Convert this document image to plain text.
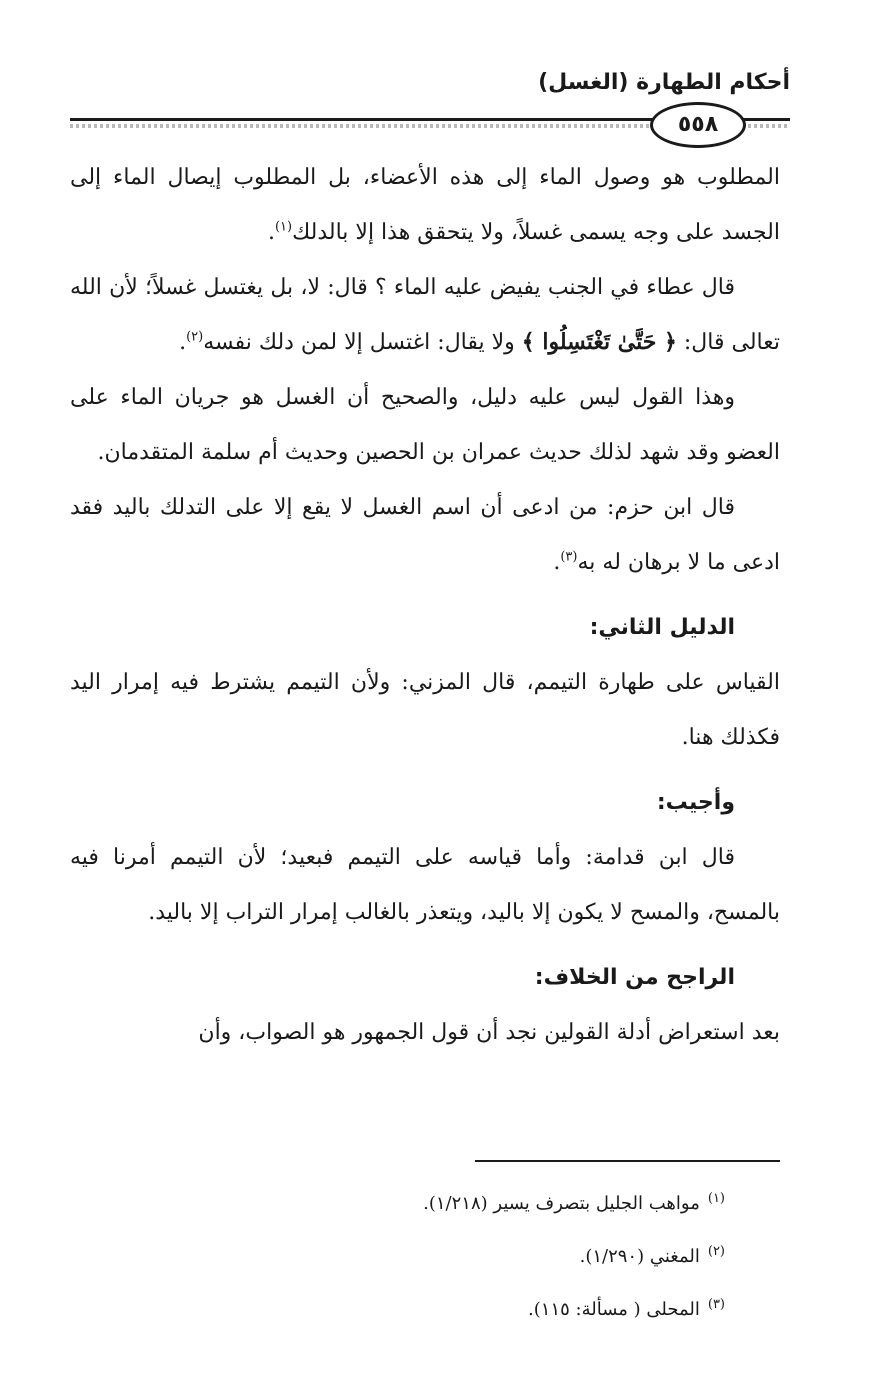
أحكام الطهارة (الغسل)
٥٥٨

المطلوب هو وصول الماء إلى هذه الأعضاء، بل المطلوب إيصال الماء إلى الجسد على وجه يسمى غسلاً، ولا يتحقق هذا إلا بالدلك$^{(١)}$.

قال عطاء في الجنب يفيض عليه الماء ؟ قال: لا، بل يغتسل غسلاً؛ لأن الله تعالى قال: ﴿ حَتَّىٰ تَغْتَسِلُوا ﴾ ولا يقال: اغتسل إلا لمن دلك نفسه$^{(٢)}$.

وهذا القول ليس عليه دليل، والصحيح أن الغسل هو جريان الماء على العضو وقد شهد لذلك حديث عمران بن الحصين وحديث أم سلمة المتقدمان.

قال ابن حزم: من ادعى أن اسم الغسل لا يقع إلا على التدلك باليد فقد ادعى ما لا برهان له به$^{(٣)}$.

الدليل الثاني:

القياس على طهارة التيمم، قال المزني: ولأن التيمم يشترط فيه إمرار اليد فكذلك هنا.

وأجيب:

قال ابن قدامة: وأما قياسه على التيمم فبعيد؛ لأن التيمم أمرنا فيه بالمسح، والمسح لا يكون إلا باليد، ويتعذر بالغالب إمرار التراب إلا باليد.

الراجح من الخلاف:

بعد استعراض أدلة القولين نجد أن قول الجمهور هو الصواب، وأن

$^{(١)}$مواهب الجليل بتصرف يسير (١/٢١٨).
$^{(٢)}$المغني (١/٢٩٠).
$^{(٣)}$المحلى ( مسألة: ١١٥).
